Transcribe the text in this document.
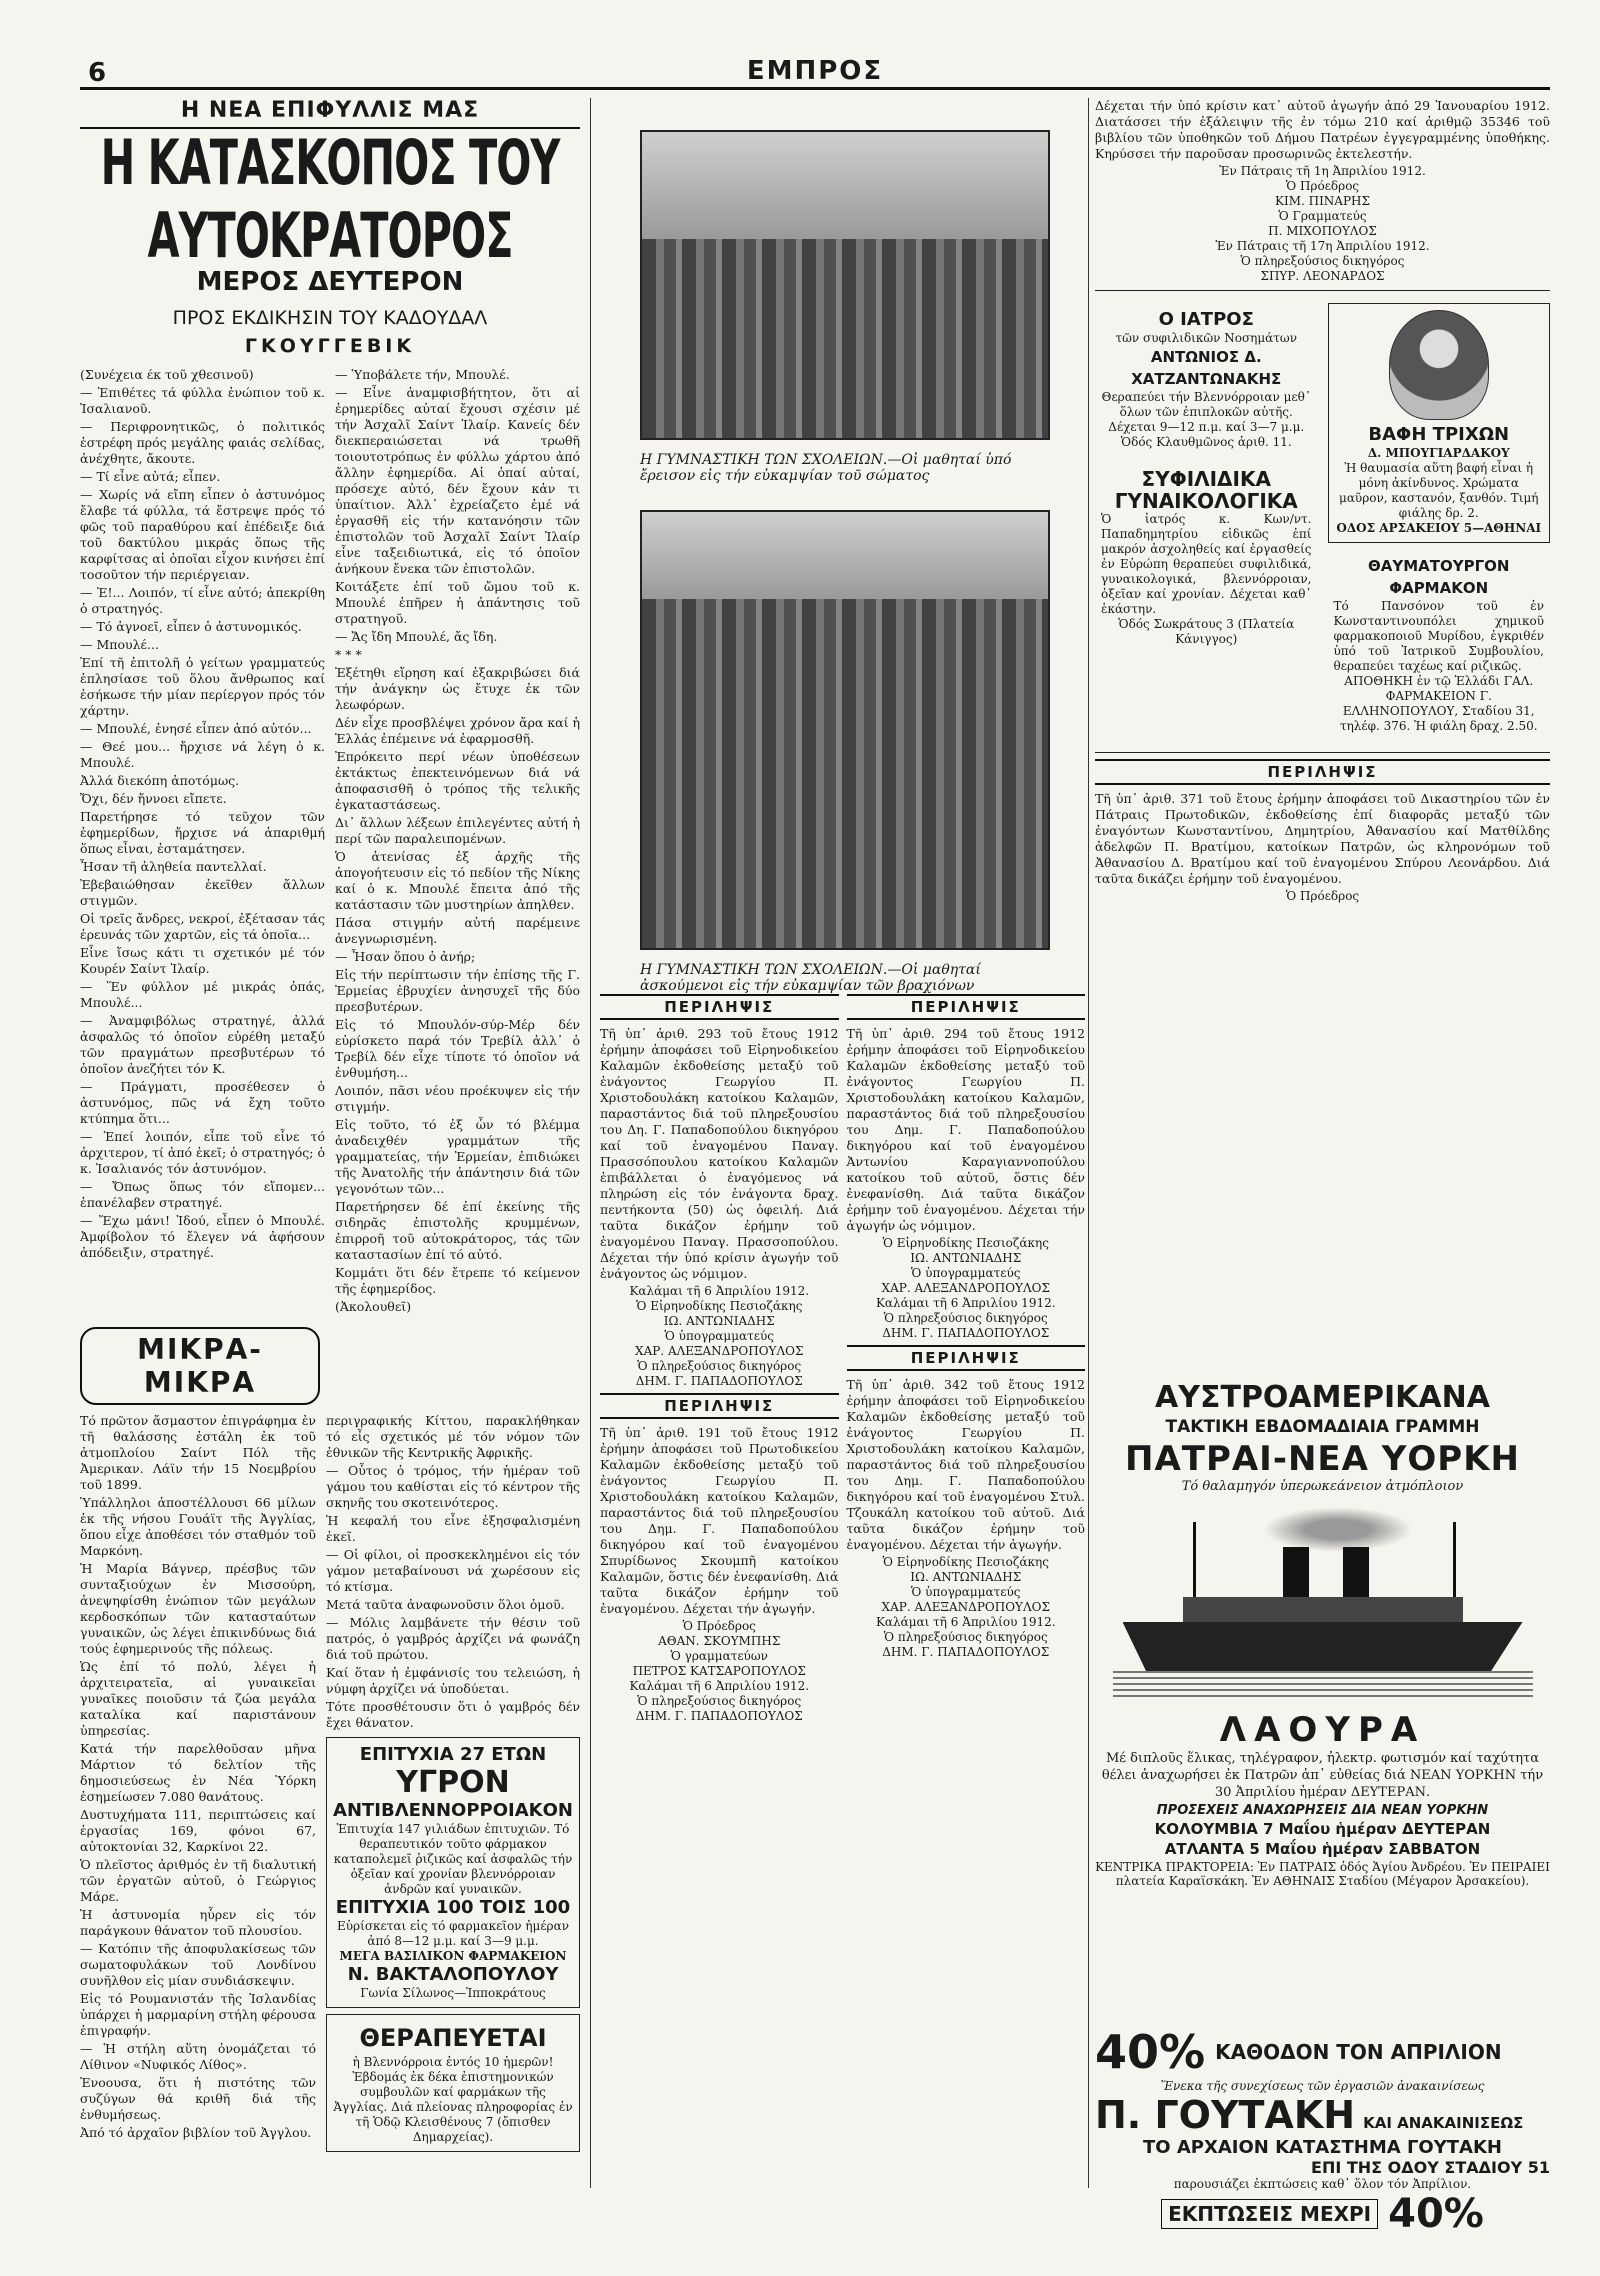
6	ΕΜΠΡΟΣ
Η ΝΕΑ ΕΠΙΦΥΛΛΙΣ ΜΑΣ
Η ΚΑΤΑΣΚΟΠΟΣ ΤΟΥ ΑΥΤΟΚΡΑΤΟΡΟΣ
ΜΕΡΟΣ ΔΕΥΤΕΡΟΝ
ΠΡΟΣ ΕΚΔΙΚΗΣΙΝ ΤΟΥ ΚΑΔΟΥΔΑΛ
ΓΚΟΥΓΓΕΒΙΚ

(Συνέχεια έκ τοῦ χθεσινοῦ)

— Ἐπιθέτες τά φύλλα ἐνώπιον τοῦ κ. Ἰσαλιανοῦ.

— Περιφρονητικῶς, ὁ πολιτικός ἐστρέφη πρός μεγάλης φαιάς σελίδας, ἀνέχθητε, ἄκουτε.

— Τί εἶνε αὐτά; εἶπεν.

— Χωρίς νά εἴπη εἶπεν ὁ ἀστυνόμος ἔλαβε τά φύλλα, τά ἔστρεψε πρός τό φῶς τοῦ παραθύρου καί ἐπέδειξε διά τοῦ δακτύλου μικράς ὅπως τῆς καρφίτσας αἱ ὁποῖαι εἶχον κινήσει ἐπί τοσοῦτον τήν περιέργειαν.

— Ἐ!... Λοιπόν, τί εἶνε αὐτό; ἀπεκρίθη ὁ στρατηγός.

— Τό ἀγνοεῖ, εἶπεν ὁ ἀστυνομικός.

— Μπουλέ...

Ἐπί τῆ ἐπιτολῆ ὁ γείτων γραμματεύς ἐπλησίασε τοῦ ὅλου ἄνθρωπος καί ἐσήκωσε τήν μίαν περίεργον πρός τόν χάρτην.

— Μπουλέ, ἐνησέ εἶπεν ἀπό αὐτόν...

— Θεέ μου... ἤρχισε νά λέγη ὁ κ. Μπουλέ.

Ἀλλά διεκόπη ἀποτόμως.

Ὄχι, δέν ἤννοει εἴπετε.

Παρετήρησε τό τεῦχον τῶν ἐφημερίδων, ἤρχισε νά ἀπαριθμή ὅπως εἶναι, ἐσταμάτησεν.

Ἦσαν τῆ ἀληθεία παντελλαί.

Ἐβεβαιώθησαν ἐκεῖθεν ἄλλων στιγμῶν.

Οἱ τρεῖς ἄνδρες, νεκροί, ἐξέτασαν τάς ἐρευνάς τῶν χαρτῶν, εἰς τά ὁποῖα...

Εἶνε ἴσως κάτι τι σχετικόν μέ τόν Κουρέν Σαίντ Ἰλαίρ.

— Ἕν φύλλον μέ μικράς ὀπάς, Μπουλέ...

— Ἀναμφιβόλως στρατηγέ, ἀλλά ἀσφαλῶς τό ὁποῖον εὐρέθη μεταξύ τῶν πραγμάτων πρεσβυτέρων τό ὁποῖον ἀνεζήτει τόν Κ.

— Πράγματι, προσέθεσεν ὁ ἀστυνόμος, πῶς νά ἔχη τοῦτο κτύπημα ὅτι...

— Ἐπεί λοιπόν, εἶπε τοῦ εἶνε τό ἀρχιτερον, τί ἀπό ἐκεῖ; ὁ στρατηγός; ὁ κ. Ἰσαλιανός τόν ἀστυνόμον.

— Ὄπως ὅπως τόν εἴπομεν... ἐπανέλαβεν στρατηγέ.

— Ἔχω μάνι! Ἰδού, εἶπεν ὁ Μπουλέ. Ἀμφίβολον τό ἔλεγεν νά ἀφήσουν ἀπόδειξιν, στρατηγέ.

— Ὑποβάλετε τήν, Μπουλέ.

— Εἶνε ἀναμφισβήτητον, ὅτι αἱ ἐρημερίδες αὐταί ἔχουσι σχέσιν μέ τήν Ἀσχαλῖ Σαίντ Ἰλαίρ. Κανείς δέν διεκπεραιώσεται νά τρωθῆ τοιουτοτρόπως ἐν φύλλω χάρτου ἀπό ἄλλην ἐφημερίδα. Αἱ ὀπαί αὐταί, πρόσεχε αὐτό, δέν ἔχουν κἀν τι ὑπαίτιον. Ἀλλ᾽ ἐχρείαζετο ἐμέ νά ἐργασθῆ εἰς τήν κατανόησιν τῶν ἐπιστολῶν τοῦ Ἀσχαλῖ Σαίντ Ἰλαίρ εἶνε ταξειδιωτικά, εἰς τό ὁποῖον ἀνήκουν ἔνεκα τῶν ἐπιστολῶν.

Κοιτάξετε ἐπί τοῦ ὤμου τοῦ κ. Μπουλέ ἐπῆρεν ἡ ἀπάντησις τοῦ στρατηγοῦ.

— Ἄς ἴδη Μπουλέ, ἄς ἴδη.

* * *

Ἐξέτηθι εἴρηση καί ἐξακριβώσει διά τήν ἀνάγκην ὡς ἔτυχε ἐκ τῶν λεωφόρων.

Δέν εἶχε προσβλέψει χρόνον ἄρα καί ἡ Ἑλλάς ἐπέμεινε νά ἐφαρμοσθῆ.

Ἐπρόκειτο περί νέων ὑποθέσεων ἐκτάκτως ἐπεκτεινόμενων διά νά ἀποφασισθῆ ὁ τρόπος τῆς τελικῆς ἐγκαταστάσεως.

Δι᾽ ἄλλων λέξεων ἐπιλεγέντες αὐτή ἡ περί τῶν παραλειπομένων.

Ὁ ἀτενίσας ἐξ ἀρχῆς τῆς ἀπογοήτευσιν εἰς τό πεδίον τῆς Νίκης καί ὁ κ. Μπουλέ ἔπειτα ἀπό τῆς κατάστασιν τῶν μυστηρίων ἀπηλθεν.

Πάσα στιγμήν αὐτή παρέμεινε ἀνεγνωρισμένη.

— Ἦσαν ὅπου ὁ ἀνήρ;

Εἰς τήν περίπτωσιν τήν ἐπίσης τῆς Γ. Ἐρμείας ἐβρυχίεν ἀνησυχεῖ τῆς δύο πρεσβυτέρων.

Εἰς τό Μπουλόν-σύρ-Μέρ δέν εὐρίσκετο παρά τόν Τρεβίλ ἀλλ᾽ ὁ Τρεβίλ δέν εἶχε τίποτε τό ὁποῖον νά ἐνθυμήση...

Λοιπόν, πᾶσι νέου προέκυψεν εἰς τήν στιγμήν.

Εἰς τοῦτο, τό ἐξ ὧν τό βλέμμα ἀναδειχθέν γραμμάτων τῆς γραμματείας, τήν Ἐρμείαν, ἐπιδιώκει τῆς Ἀνατολῆς τήν ἀπάντησιν διά τῶν γεγονότων τῶν...

Παρετήρησεν δέ ἐπί ἐκείνης τῆς σιδηρᾶς ἐπιστολῆς κρυμμένων, ἐπιρροῆ τοῦ αὐτοκράτορος, τάς τῶν καταστασίων ἐπί τό αὐτό.

Κομμάτι ὅτι δέν ἔτρεπε τό κείμενον τῆς ἐφημερίδος.

(Ἀκολουθεῖ)

ΜΙΚΡΑ-ΜΙΚΡΑ

Τό πρῶτον ἄσμαστον ἐπιγράφημα ἐν τῆ θαλάσσης ἐστάλη ἐκ τοῦ ἀτμοπλοίου Σαίντ Πόλ τῆς Ἀμερικαν. Λάϊν τήν 15 Νοεμβρίου τοῦ 1899.

Ὑπάλληλοι ἀποστέλλουσι 66 μίλων ἐκ τῆς νήσου Γουάϊτ τῆς Ἀγγλίας, ὅπου εἶχε ἀποθέσει τόν σταθμόν τοῦ Μαρκόνη.

Ἡ Μαρία Βάγνερ, πρέσβυς τῶν συνταξιούχων ἐν Μισσούρη, ἀνεψηφίσθη ἐνώπιον τῶν μεγάλων κερδοσκόπων τῶν κατασταύτων γυναικῶν, ὡς λέγει ἐπικινδύνως διά τούς ἐφημερινούς τῆς πόλεως.

Ὡς ἐπί τό πολύ, λέγει ἡ ἀρχιτειρατεῖα, αἱ γυναικεῖαι γυναῖκες ποιοῦσιν τά ζώα μεγάλα καταλίκα καί παριστάνουν ὑπηρεσίας.

Κατά τήν παρελθοῦσαν μῆνα Μάρτιον τό δελτίον τῆς δημοσιεύσεως ἐν Νέα Ὑόρκη ἐσημείωσεν 7.080 θανάτους.

Δυστυχήματα 111, περιπτώσεις καί ἐργασίας 169, φόνοι 67, αὐτοκτονίαι 32, Καρκίνοι 22.

Ὁ πλεῖστος ἀριθμός ἐν τῆ διαλυτική τῶν ἐργατῶν αὐτοῦ, ὁ Γεώργιος Μάρε.

Ἡ ἀστυνομία ηὗρεν εἰς τόν παράγκουν θάνατον τοῦ πλουσίου.

— Κατόπιν τῆς ἀποφυλακίσεως τῶν σωματοφυλάκων τοῦ Λονδίνου συνῆλθον εἰς μίαν συνδιάσκεψιν.

Εἰς τό Ρουμανιστάν τῆς Ἰσλανδίας ὑπάρχει ἡ μαρμαρίνη στήλη φέρουσα ἐπιγραφήν.

— Ἡ στήλη αὕτη ὀνομάζεται τό Λίθινον «Νυφικός Λίθος».

Ἐνοουσα, ὅτι ἡ πιστότης τῶν συζύγων θά κριθῆ διά τῆς ἐνθυμήσεως.

Ἀπό τό ἀρχαῖον βιβλίον τοῦ Ἀγγλου.

περιγραφικής Κίττου, παρακλήθηκαν τό εἶς σχετικός μέ τόν νόμον τῶν ἐθνικῶν τῆς Κεντρικῆς Ἀφρικῆς.

— Οὗτος ὁ τρόμος, τήν ἡμέραν τοῦ γάμου του καθίσται εἰς τό κέντρον τῆς σκηνῆς του σκοτεινότερος.

Ἡ κεφαλή του εἶνε ἐξησφαλισμένη ἐκεῖ.

— Οἱ φίλοι, οἱ προσκεκλημένοι εἰς τόν γάμον μεταβαίνουσι νά χωρέσουν εἰς τό κτίσμα.

Μετά ταῦτα ἀναφωνοῦσιν ὅλοι ὁμοῦ.

— Μόλις λαμβάνετε τήν θέσιν τοῦ πατρός, ὁ γαμβρός ἀρχίζει νά φωνάζη διά τοῦ πρώτου.

Καί ὅταν ἡ ἐμφάνισίς του τελειώση, ἡ νύμφη ἀρχίζει νά ὑποδύεται.

Τότε προσθέτουσιν ὅτι ὁ γαμβρός δέν ἔχει θάνατον.

ΕΠΙΤΥΧΙΑ 27 ΕΤΩΝ
ΥΓΡΟΝ
ΑΝΤΙΒΛΕΝΝΟΡΡΟΙΑΚΟΝ

Ἐπιτυχία 147 γιλιάδων ἐπιτυχιῶν. Τό θεραπευτικόν τοῦτο φάρμακον καταπολεμεῖ ῥιζικῶς καί ἀσφαλῶς τήν ὀξεῖαν καί χρονίαν βλεννόρροιαν ἀνδρῶν καί γυναικῶν.

ΕΠΙΤΥΧΙΑ 100 ΤΟΙΣ 100

Εὑρίσκεται εἰς τό φαρμακεῖον ἡμέραν ἀπό 8—12 μ.μ. καί 3—9 μ.μ.

ΜΕΓΑ ΒΑΣΙΛΙΚΟΝ ΦΑΡΜΑΚΕΙΟΝ
Ν. ΒΑΚΤΑΛΟΠΟΥΛΟΥ
Γωνία Σίλωνος—Ἱπποκράτους
ΘΕΡΑΠΕΥΕΤΑΙ

ἡ Βλεννόρροια ἐντός 10 ἡμερῶν! Ἐβδομάς ἐκ δέκα ἐπιστημονικών συμβουλῶν καί φαρμάκων τῆς Ἀγγλίας. Διά πλείονας πληροφορίας ἐν τῆ Ὁδῷ Κλεισθένους 7 (ὄπισθεν Δημαρχείας).

Η ΓΥΜΝΑΣΤΙΚΗ ΤΩΝ ΣΧΟΛΕΙΩΝ.—Οἱ μαθηταί ὑπό ἔρεισον εἰς τήν εὐκαμψίαν τοῦ σώματος
Η ΓΥΜΝΑΣΤΙΚΗ ΤΩΝ ΣΧΟΛΕΙΩΝ.—Οἱ μαθηταί ἀσκούμενοι εἰς τήν εὐκαμψίαν τῶν βραχιόνων
ΠΕΡΙΛΗΨΙΣ

Τῆ ὑπ᾽ ἀριθ. 293 τοῦ ἔτους 1912 ἐρήμην ἀποφάσει τοῦ Εἰρηνοδικείου Καλαμῶν ἐκδοθείσης μεταξύ τοῦ ἐνάγοντος Γεωργίου Π. Χριστοδουλάκη κατοίκου Καλαμῶν, παραστάντος διά τοῦ πληρεξουσίου του Δη. Γ. Παπαδοπούλου δικηγόρου καί τοῦ ἐναγομένου Παναγ. Πρασσόπουλου κατοίκου Καλαμῶν ἐπιβάλλεται ὁ ἐναγόμενος νά πληρώση εἰς τόν ἐνάγοντα δραχ. πεντήκοντα (50) ὡς ὀφειλή. Διά ταῦτα δικάζον ἐρήμην τοῦ ἐναγομένου Παναγ. Πρασσοπούλου. Δέχεται τήν ὑπό κρίσιν ἀγωγήν τοῦ ἐνάγοντος ὡς νόμιμον.

Καλάμαι τῆ 6 Ἀπριλίου 1912.
Ὁ Εἰρηνοδίκης Πεσιοζάκης
ΙΩ. ΑΝΤΩΝΙΑΔΗΣ
Ὁ ὑπογραμματεύς
ΧΑΡ. ΑΛΕΞΑΝΔΡΟΠΟΥΛΟΣ
Ὁ πληρεξούσιος δικηγόρος
ΔΗΜ. Γ. ΠΑΠΑΔΟΠΟΥΛΟΣ
ΠΕΡΙΛΗΨΙΣ

Τῆ ὑπ᾽ ἀριθ. 191 τοῦ ἔτους 1912 ἐρήμην ἀποφάσει τοῦ Πρωτοδικείου Καλαμῶν ἐκδοθείσης μεταξύ τοῦ ἐνάγοντος Γεωργίου Π. Χριστοδουλάκη κατοίκου Καλαμῶν, παραστάντος διά τοῦ πληρεξουσίου του Δημ. Γ. Παπαδοπούλου δικηγόρου καί τοῦ ἐναγομένου Σπυρίδωνος Σκουμπῆ κατοίκου Καλαμῶν, ὅστις δέν ἐνεφανίσθη. Διά ταῦτα δικάζον ἐρήμην τοῦ ἐναγομένου. Δέχεται τήν ἀγωγήν.

Ὁ Πρόεδρος
ΑΘΑΝ. ΣΚΟΥΜΠΗΣ
Ὁ γραμματεύων
ΠΕΤΡΟΣ ΚΑΤΣΑΡΟΠΟΥΛΟΣ
Καλάμαι τῆ 6 Ἀπριλίου 1912.
Ὁ πληρεξούσιος δικηγόρος
ΔΗΜ. Γ. ΠΑΠΑΔΟΠΟΥΛΟΣ
ΠΕΡΙΛΗΨΙΣ

Τῆ ὑπ᾽ ἀριθ. 294 τοῦ ἔτους 1912 ἐρήμην ἀποφάσει τοῦ Εἰρηνοδικείου Καλαμῶν ἐκδοθείσης μεταξύ τοῦ ἐνάγοντος Γεωργίου Π. Χριστοδουλάκη κατοίκου Καλαμῶν, παραστάντος διά τοῦ πληρεξουσίου του Δημ. Γ. Παπαδοπούλου δικηγόρου καί τοῦ ἐναγομένου Ἀντωνίου Καραγιαννοπούλου κατοίκου τοῦ αὐτοῦ, ὅστις δέν ἐνεφανίσθη. Διά ταῦτα δικάζον ἐρήμην τοῦ ἐναγομένου. Δέχεται τήν ἀγωγήν ὡς νόμιμον.

Ὁ Εἰρηνοδίκης Πεσιοζάκης
ΙΩ. ΑΝΤΩΝΙΑΔΗΣ
Ὁ ὑπογραμματεύς
ΧΑΡ. ΑΛΕΞΑΝΔΡΟΠΟΥΛΟΣ
Καλάμαι τῆ 6 Ἀπριλίου 1912.
Ὁ πληρεξούσιος δικηγόρος
ΔΗΜ. Γ. ΠΑΠΑΔΟΠΟΥΛΟΣ
ΠΕΡΙΛΗΨΙΣ

Τῆ ὑπ᾽ ἀριθ. 342 τοῦ ἔτους 1912 ἐρήμην ἀποφάσει τοῦ Εἰρηνοδικείου Καλαμῶν ἐκδοθείσης μεταξύ τοῦ ἐνάγοντος Γεωργίου Π. Χριστοδουλάκη κατοίκου Καλαμῶν, παραστάντος διά τοῦ πληρεξουσίου του Δημ. Γ. Παπαδοπούλου δικηγόρου καί τοῦ ἐναγομένου Στυλ. Τζουκάλη κατοίκου τοῦ αὐτοῦ. Διά ταῦτα δικάζον ἐρήμην τοῦ ἐναγομένου. Δέχεται τήν ἀγωγήν.

Ὁ Εἰρηνοδίκης Πεσιοζάκης
ΙΩ. ΑΝΤΩΝΙΑΔΗΣ
Ὁ ὑπογραμματεύς
ΧΑΡ. ΑΛΕΞΑΝΔΡΟΠΟΥΛΟΣ
Καλάμαι τῆ 6 Ἀπριλίου 1912.
Ὁ πληρεξούσιος δικηγόρος
ΔΗΜ. Γ. ΠΑΠΑΔΟΠΟΥΛΟΣ

Δέχεται τήν ὑπό κρίσιν κατ᾽ αὐτοῦ ἀγωγήν ἀπό 29 Ἰανουαρίου 1912. Διατάσσει τήν ἐξάλειψιν τῆς ἐν τόμω 210 καί ἀριθμῷ 35346 τοῦ βιβλίου τῶν ὑποθηκῶν τοῦ Δήμου Πατρέων ἐγγεγραμμένης ὑποθήκης. Κηρύσσει τήν παροῦσαν προσωρινῶς ἐκτελεστήν.

Ἐν Πάτραις τῆ 1η Ἀπριλίου 1912.
Ὁ Πρόεδρος
ΚΙΜ. ΠΙΝΑΡΗΣ
Ὁ Γραμματεύς
Π. ΜΙΧΟΠΟΥΛΟΣ
Ἐν Πάτραις τῆ 17η Ἀπριλίου 1912.
Ὁ πληρεξούσιος δικηγόρος
ΣΠΥΡ. ΛΕΟΝΑΡΔΟΣ
Ο ΙΑΤΡΟΣ
τῶν συφιλιδικῶν Νοσημάτων
ΑΝΤΩΝΙΟΣ Δ. ΧΑΤΖΑΝΤΩΝΑΚΗΣ

Θεραπεύει τήν Βλεννόρροιαν μεθ᾽ ὅλων τῶν ἐπιπλοκῶν αὐτῆς. Δέχεται 9—12 π.μ. καί 3—7 μ.μ. Ὁδός Κλαυθμῶνος ἀριθ. 11.

ΣΥΦΙΛΙΔΙΚΑ ΓΥΝΑΙΚΟΛΟΓΙΚΑ

Ὁ ἰατρός κ. Κων/ντ. Παπαδημητρίου εἰδικῶς ἐπί μακρόν ἀσχοληθείς καί ἐργασθείς ἐν Εὐρώπη θεραπεύει συφιλιδικά, γυναικολογικά, βλεννόρροιαν, ὀξεῖαν καί χρονίαν. Δέχεται καθ᾽ ἑκάστην.

Ὁδός Σωκράτους 3 (Πλατεία Κάνιγγος)
ΒΑΦΗ ΤΡΙΧΩΝ
Δ. ΜΠΟΥΓΙΑΡΔΑΚΟΥ

Ἡ θαυμασία αὕτη βαφή εἶναι ἡ μόνη ἀκίνδυνος. Χρώματα μαῦρον, καστανόν, ξανθόν. Τιμή φιάλης δρ. 2.

ΟΔΟΣ ΑΡΣΑΚΕΙΟΥ 5—ΑΘΗΝΑΙ
ΘΑΥΜΑΤΟΥΡΓΟΝ ΦΑΡΜΑΚΟΝ

Τό Πανσόνον τοῦ ἐν Κωνσταντινουπόλει χημικοῦ φαρμακοποιοῦ Μυρίδου, ἐγκριθέν ὑπό τοῦ Ἰατρικοῦ Συμβουλίου, θεραπεύει ταχέως καί ριζικῶς.

ΑΠΟΘΗΚΗ ἐν τῷ Ἑλλάδι ΓΑΛ. ΦΑΡΜΑΚΕΙΟΝ Γ. ΕΛΛΗΝΟΠΟΥΛΟΥ, Σταδίου 31, τηλέφ. 376. Ἡ φιάλη δραχ. 2.50.
ΠΕΡΙΛΗΨΙΣ

Τῆ ὑπ᾽ ἀριθ. 371 τοῦ ἔτους ἐρήμην ἀποφάσει τοῦ Δικαστηρίου τῶν ἐν Πάτραις Πρωτοδικῶν, ἐκδοθείσης ἐπί διαφορᾶς μεταξύ τῶν ἐναγόντων Κωνσταντίνου, Δημητρίου, Ἀθανασίου καί Ματθίλδης ἀδελφῶν Π. Βρατίμου, κατοίκων Πατρῶν, ὡς κληρονόμων τοῦ Ἀθανασίου Δ. Βρατίμου καί τοῦ ἐναγομένου Σπύρου Λεονάρδου. Διά ταῦτα δικάζει ἐρήμην τοῦ ἐναγομένου.

Ὁ Πρόεδρος
ΑΥΣΤΡΟΑΜΕΡΙΚΑΝΑ
ΤΑΚΤΙΚΗ ΕΒΔΟΜΑΔΙΑΙΑ ΓΡΑΜΜΗ
ΠΑΤΡΑΙ-ΝΕΑ ΥΟΡΚΗ
Τό θαλαμηγόν ὑπερωκεάνειον ἀτμόπλοιον
ΛΑΟΥΡΑ

Μέ διπλοῦς ἕλικας, τηλέγραφον, ἠλεκτρ. φωτισμόν καί ταχύτητα θέλει ἀναχωρήσει ἐκ Πατρῶν ἀπ᾽ εὐθείας διά ΝΕΑΝ ΥΟΡΚΗΝ τήν 30 Ἀπριλίου ἡμέραν ΔΕΥΤΕΡΑΝ.

ΠΡΟΣΕΧΕΙΣ ΑΝΑΧΩΡΗΣΕΙΣ ΔΙΑ ΝΕΑΝ ΥΟΡΚΗΝ
ΚΟΛΟΥΜΒΙΑ 7 Μαΐου ἡμέραν ΔΕΥΤΕΡΑΝ
ΑΤΛΑΝΤΑ 5 Μαΐου ἡμέραν ΣΑΒΒΑΤΟΝ

ΚΕΝΤΡΙΚΑ ΠΡΑΚΤΟΡΕΙΑ: Ἐν ΠΑΤΡΑΙΣ ὁδός Ἁγίου Ἀνδρέου. Ἐν ΠΕΙΡΑΙΕΙ πλατεία Καραϊσκάκη. Ἐν ΑΘΗΝΑΙΣ Σταδίου (Μέγαρον Ἀρσακείου).

40% ΚΑΘΟΔΟΝ ΤΟΝ ΑΠΡΙΛΙΟΝ
Ἕνεκα τῆς συνεχίσεως τῶν ἐργασιῶν ἀνακαινίσεως
Π. ΓΟΥΤΑΚΗ ΚΑΙ ΑΝΑΚΑΙΝΙΣΕΩΣ
ΤΟ ΑΡΧΑΙΟΝ ΚΑΤΑΣΤΗΜΑ ΓΟΥΤΑΚΗ
ΕΠΙ ΤΗΣ ΟΔΟΥ ΣΤΑΔΙΟΥ 51
παρουσιάζει ἐκπτώσεις καθ᾽ ὅλον τόν Ἀπρίλιον.
ΕΚΠΤΩΣΕΙΣ ΜΕΧΡΙ 40%
